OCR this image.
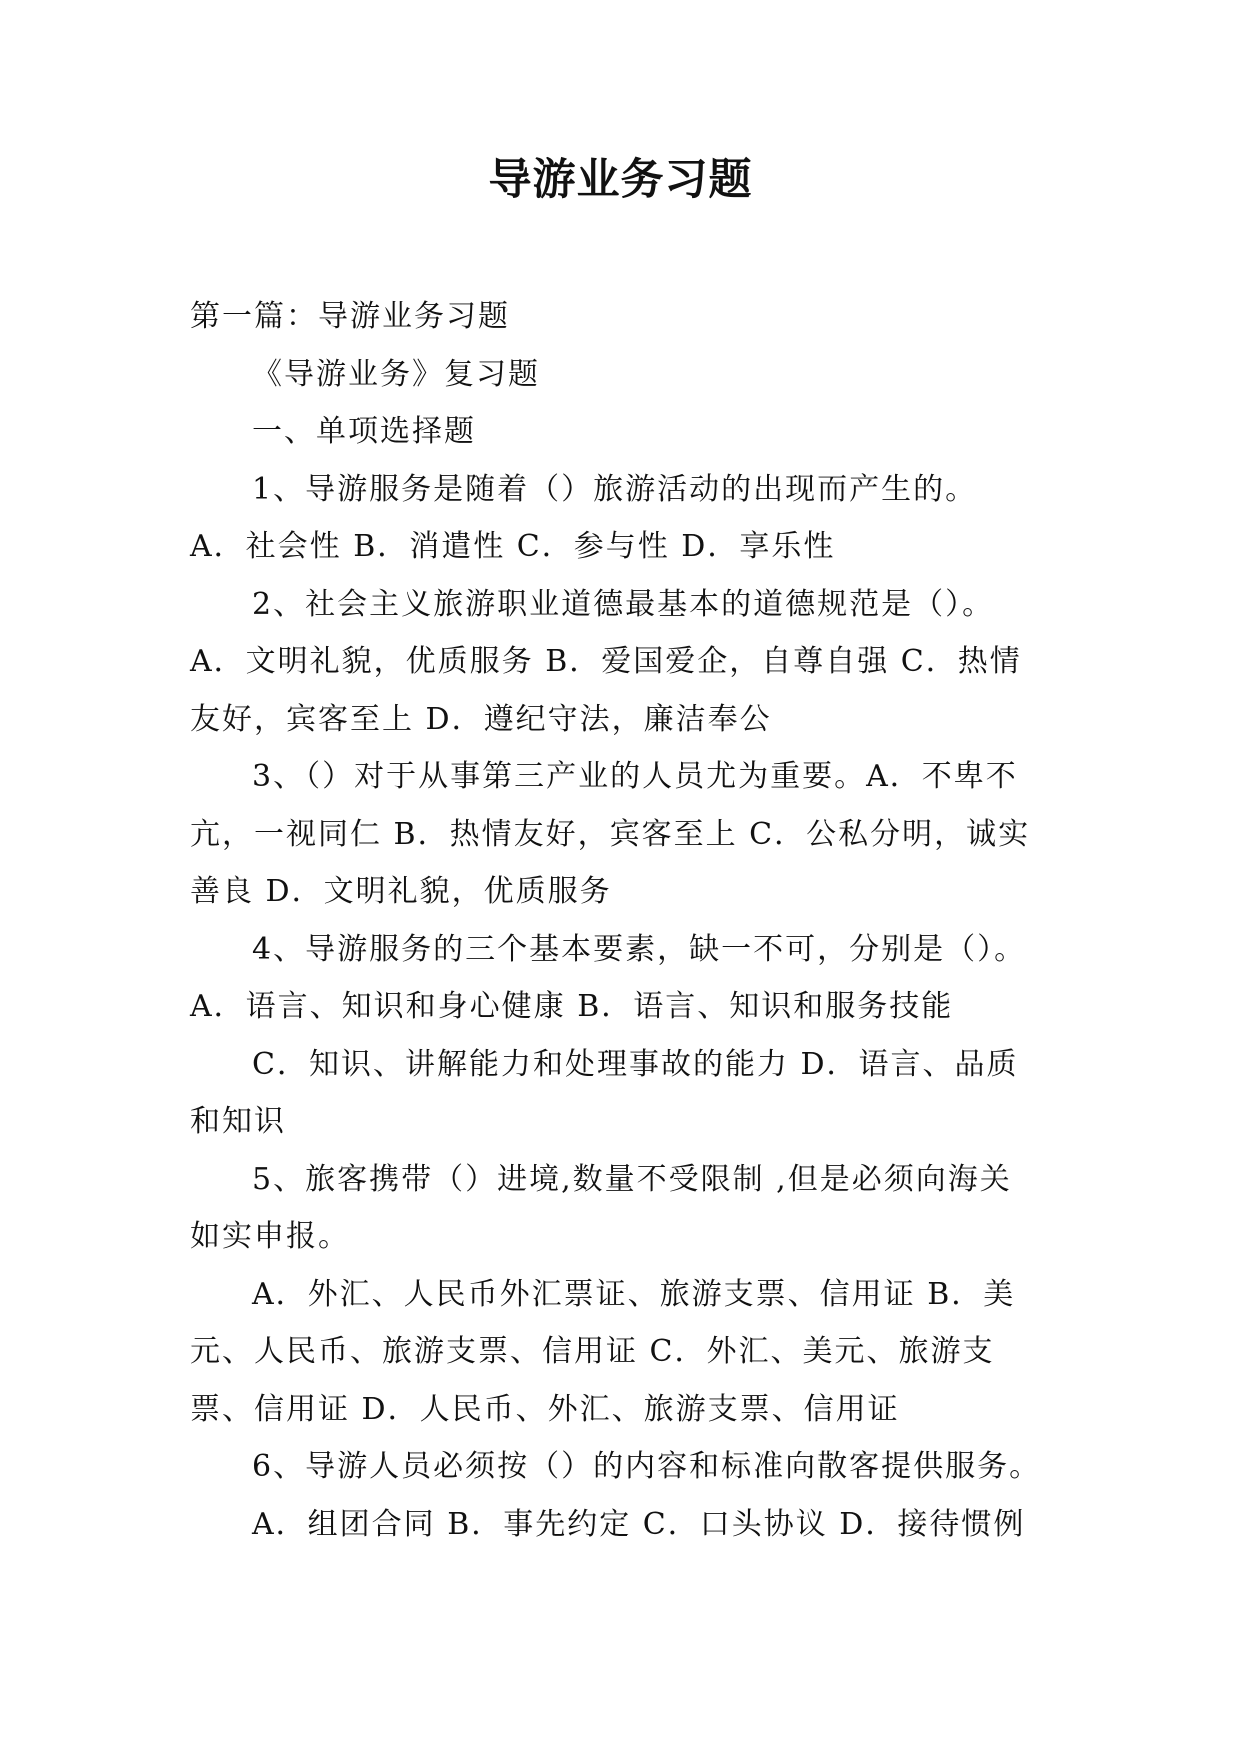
导游业务习题
第一篇：导游业务习题
《导游业务》复习题
一、单项选择题
1、导游服务是随着（）旅游活动的出现而产生的。
A．社会性 B．消遣性 C．参与性 D．享乐性
2、社会主义旅游职业道德最基本的道德规范是（）。
A．文明礼貌，优质服务 B．爱国爱企，自尊自强 C．热情
友好，宾客至上 D．遵纪守法，廉洁奉公
3、（）对于从事第三产业的人员尤为重要。A．不卑不
亢，一视同仁 B．热情友好，宾客至上 C．公私分明，诚实
善良 D．文明礼貌，优质服务
4、导游服务的三个基本要素，缺一不可，分别是（）。
A．语言、知识和身心健康 B．语言、知识和服务技能
C．知识、讲解能力和处理事故的能力 D．语言、品质
和知识
5、旅客携带（）进境,数量不受限制 ,但是必须向海关
如实申报。
A．外汇、人民币外汇票证、旅游支票、信用证 B．美
元、人民币、旅游支票、信用证 C．外汇、美元、旅游支
票、信用证 D．人民币、外汇、旅游支票、信用证
6、导游人员必须按（）的内容和标准向散客提供服务。
A．组团合同 B．事先约定 C．口头协议 D．接待惯例
